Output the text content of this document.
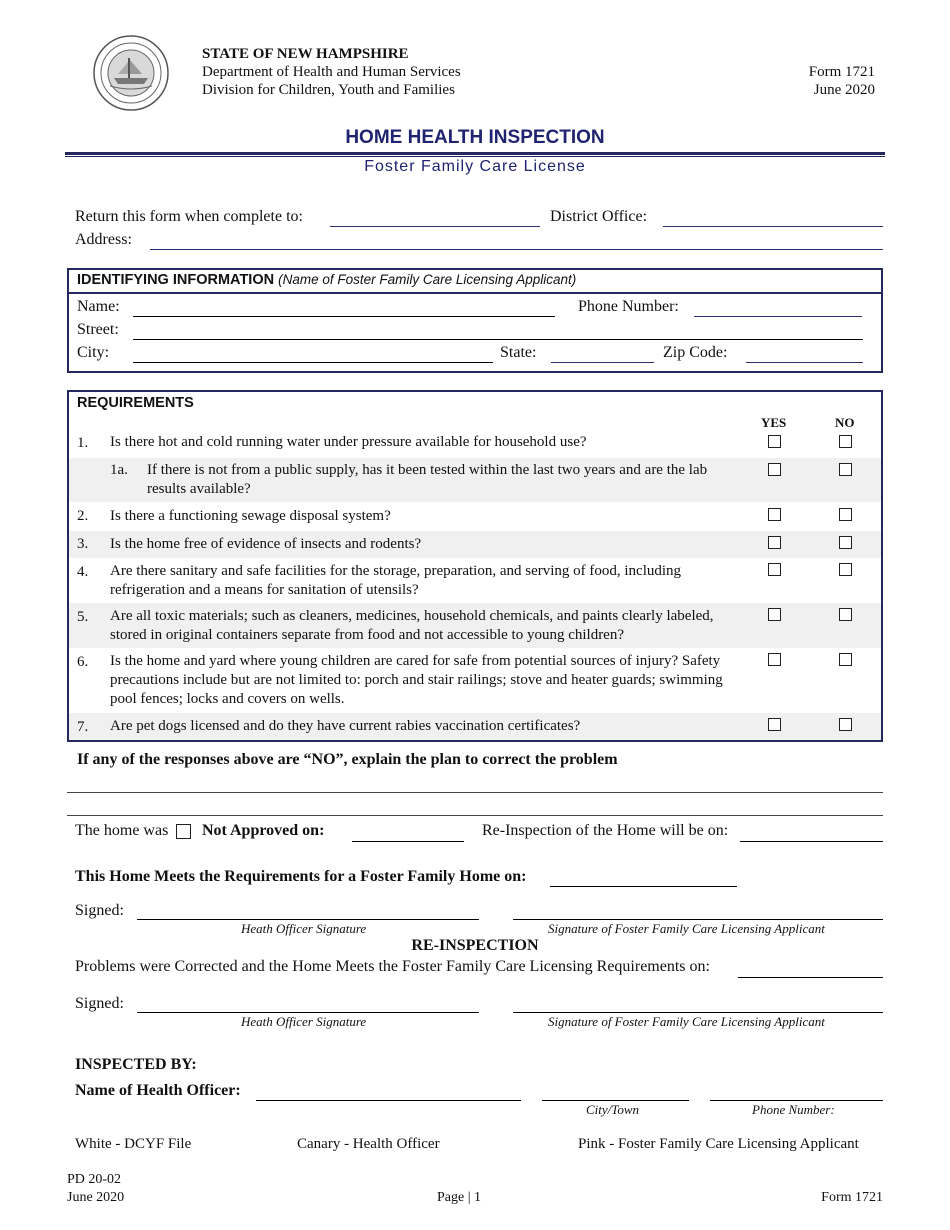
STATE OF NEW HAMPSHIRE
Department of Health and Human Services
Division for Children, Youth and Families
Form 1721
June 2020
HOME HEALTH INSPECTION
Foster Family Care License
Return this form when complete to:	District Office:
Address:
IDENTIFYING INFORMATION (Name of Foster Family Care Licensing Applicant)
Name:	Phone Number:
Street:
City:	State:	Zip Code:
REQUIREMENTS
YES	NO
1. Is there hot and cold running water under pressure available for household use?
1a. If there is not from a public supply, has it been tested within the last two years and are the lab results available?
2. Is there a functioning sewage disposal system?
3. Is the home free of evidence of insects and rodents?
4. Are there sanitary and safe facilities for the storage, preparation, and serving of food, including refrigeration and a means for sanitation of utensils?
5. Are all toxic materials; such as cleaners, medicines, household chemicals, and paints clearly labeled, stored in original containers separate from food and not accessible to young children?
6. Is the home and yard where young children are cared for safe from potential sources of injury? Safety precautions include but are not limited to: porch and stair railings; stove and heater guards; swimming pool fences; locks and covers on wells.
7. Are pet dogs licensed and do they have current rabies vaccination certificates?
If any of the responses above are “NO”, explain the plan to correct the problem
The home was Not Approved on:	Re-Inspection of the Home will be on:
This Home Meets the Requirements for a Foster Family Home on:
Signed:
Heath Officer Signature	Signature of Foster Family Care Licensing Applicant
RE-INSPECTION
Problems were Corrected and the Home Meets the Foster Family Care Licensing Requirements on:
Signed:
Heath Officer Signature	Signature of Foster Family Care Licensing Applicant
INSPECTED BY:
Name of Health Officer:
City/Town	Phone Number:
White - DCYF File	Canary - Health Officer	Pink - Foster Family Care Licensing Applicant
PD 20-02
June 2020	Page | 1	Form 1721
